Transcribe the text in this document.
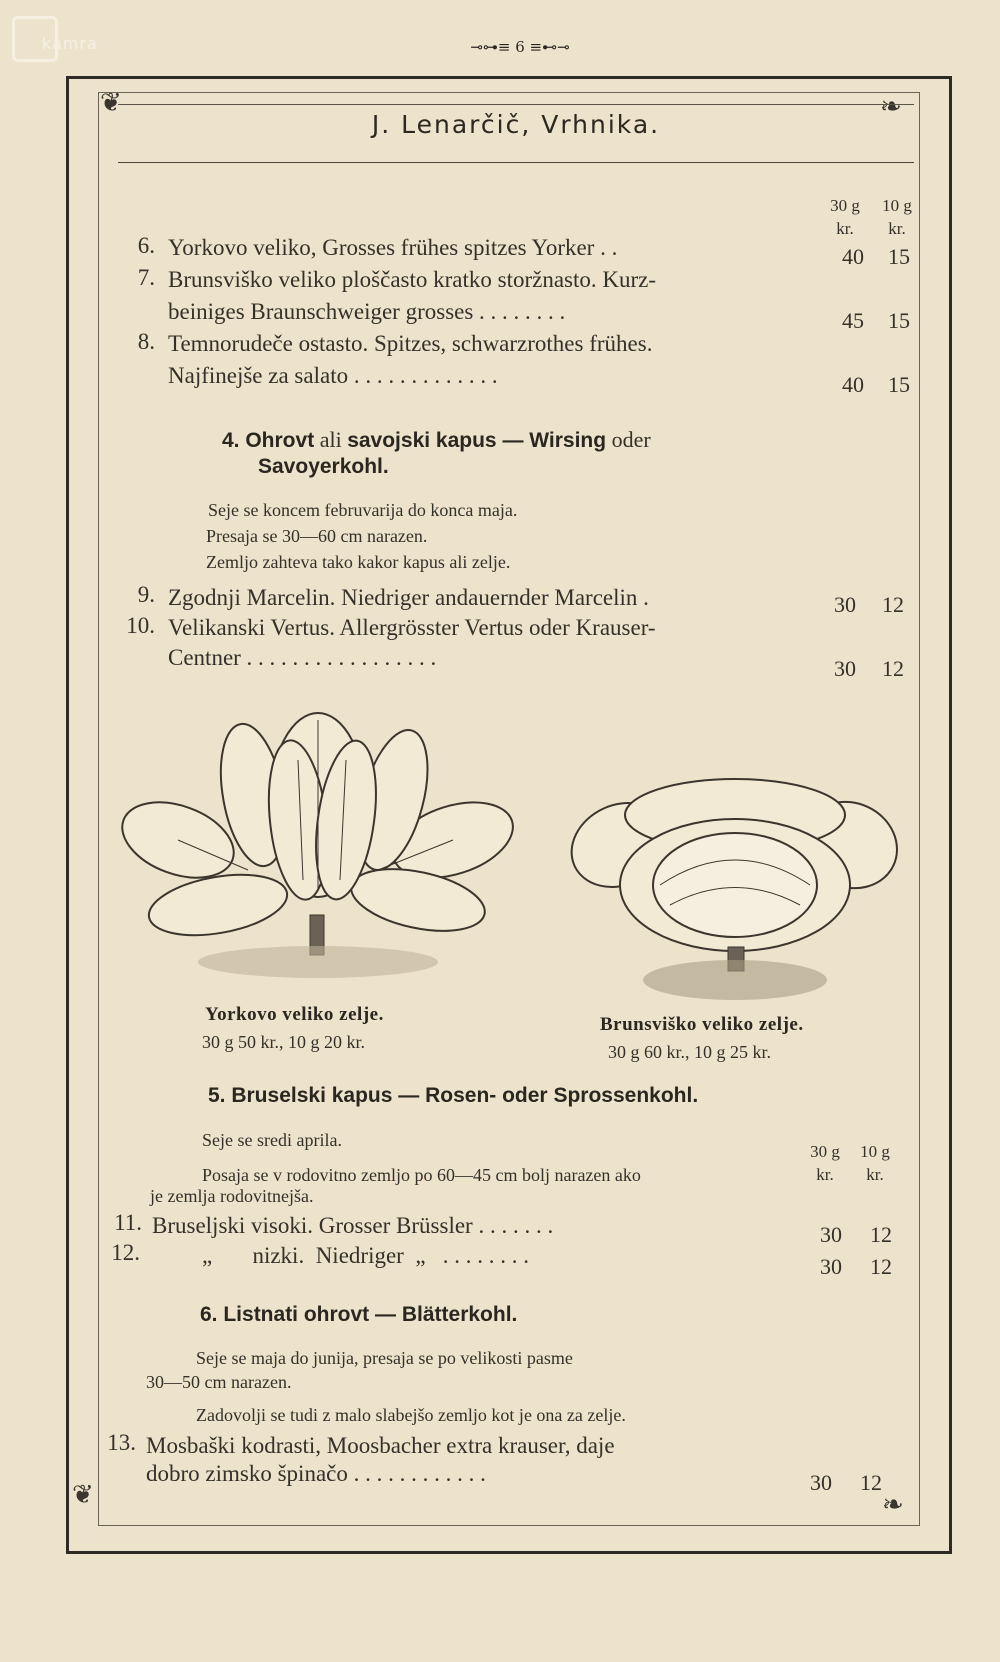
kamra	⊸⊶≡ 6 ≡⊷⊸
❦	❧
❦	❧
J. Lenarčič, Vrhnika.
30 g
kr.
10 g
kr.
6. Yorkovo veliko, Grosses frühes spitzes Yorker . .	40	15
7. Brunsviško veliko ploščasto kratko storžnasto. Kurz-
beiniges Braunschweiger grosses . . . . . . . .	45	15
8. Temnorudeče ostasto. Spitzes, schwarzrothes frühes.
Najfinejše za salato . . . . . . . . . . . . .	40	15
4. Ohrovt ali savojski kapus — Wirsing oder
Savoyerkohl.
Seje se koncem februvarija do konca maja.
Presaja se 30—60 cm narazen.
Zemljo zahteva tako kakor kapus ali zelje.
9. Zgodnji Marcelin. Niedriger andauernder Marcelin .	30	12
10. Velikanski Vertus. Allergrösster Vertus oder Krauser-
Centner . . . . . . . . . . . . . . . . .	30	12
Yorkovo veliko zelje.
30 g 50 kr., 10 g 20 kr.
Brunsviško veliko zelje.
30 g 60 kr., 10 g 25 kr.
5. Bruselski kapus — Rosen- oder Sprossenkohl.
Seje se sredi aprila.
Posaja se v rodovitno zemljo po 60—45 cm bolj narazen ako
je zemlja rodovitnejša.
30 g
kr.
10 g
kr.
11. Bruseljski visoki. Grosser Brüssler . . . . . . .	30	12
12.	„       nizki.  Niedriger  „   . . . . . . . .	30	12
6. Listnati ohrovt — Blätterkohl.
Seje se maja do junija, presaja se po velikosti pasme
30—50 cm narazen.
Zadovolji se tudi z malo slabejšo zemljo kot je ona za zelje.
13. Mosbaški kodrasti, Moosbacher extra krauser, daje
dobro zimsko špinačo . . . . . . . . . . . .	30	12
